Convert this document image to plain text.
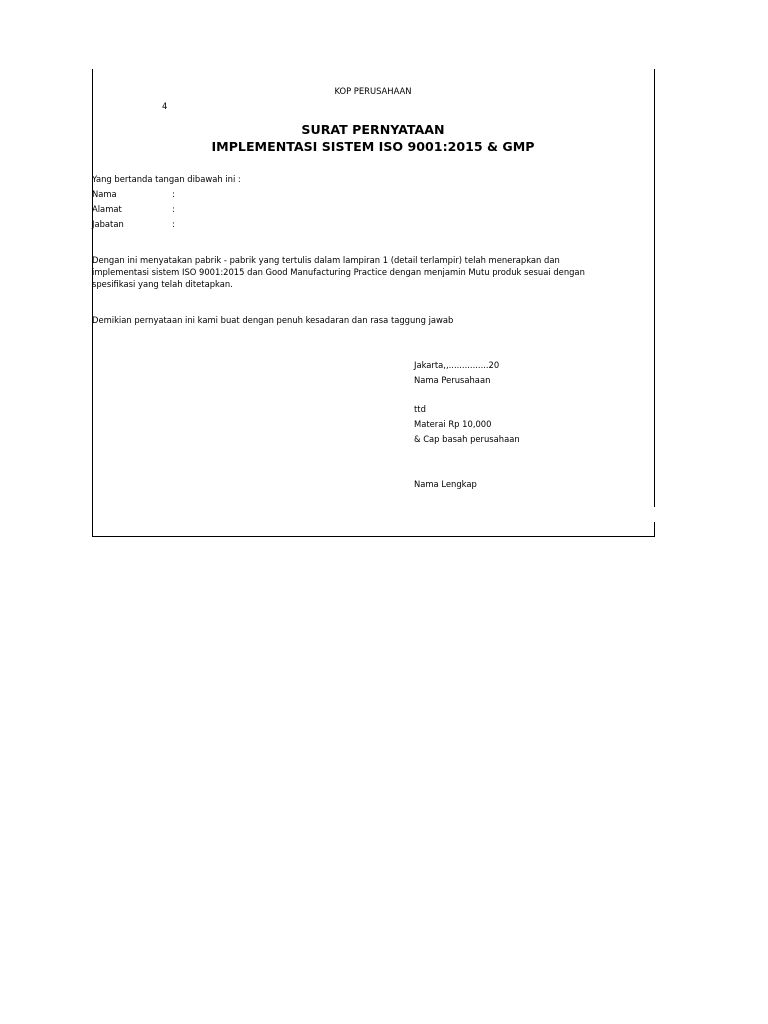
KOP PERUSAHAAN
4
SURAT PERNYATAAN
IMPLEMENTASI SISTEM ISO 9001:2015 & GMP
Yang bertanda tangan dibawah ini :
Nama	:
Alamat	:
Jabatan	:
Dengan ini menyatakan pabrik - pabrik yang tertulis dalam lampiran 1 (detail terlampir) telah menerapkan dan
implementasi sistem ISO 9001:2015 dan Good Manufacturing Practice dengan menjamin Mutu produk sesuai dengan
spesifikasi yang telah ditetapkan.
Demikian pernyataan ini kami buat dengan penuh kesadaran dan rasa taggung jawab
Jakarta,,...............20
Nama Perusahaan
ttd
Materai Rp 10,000
& Cap basah perusahaan
Nama Lengkap
